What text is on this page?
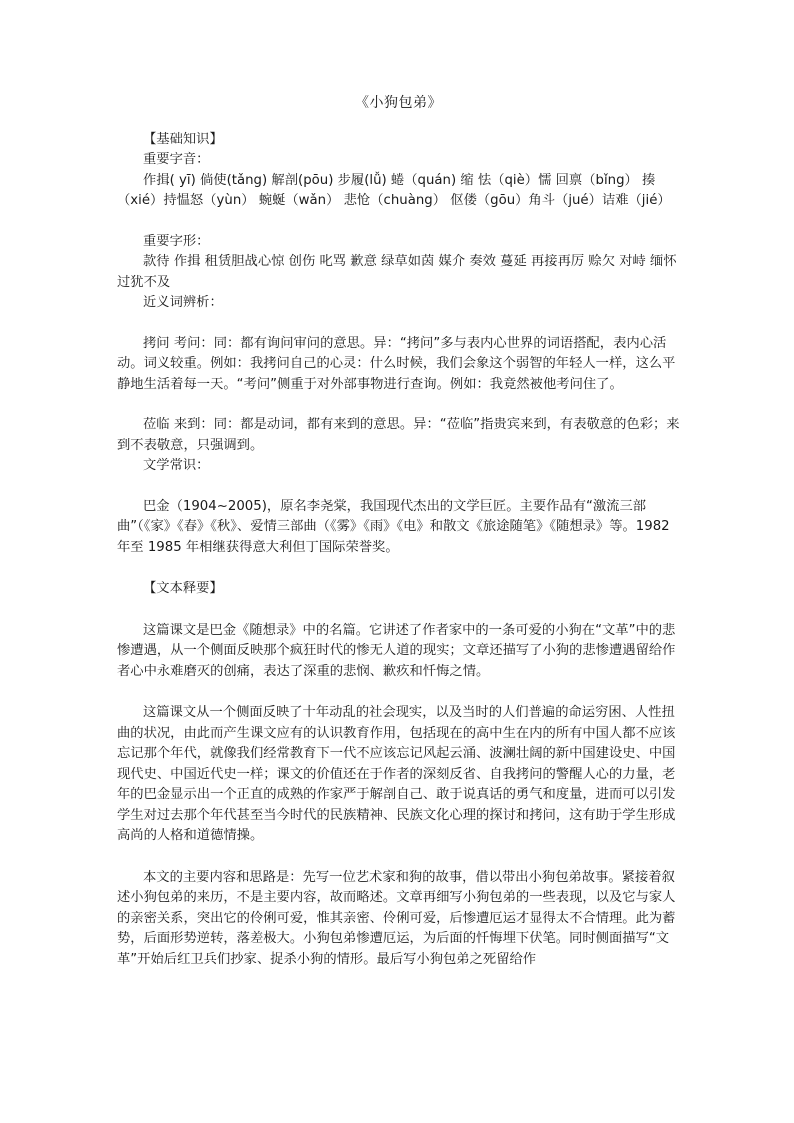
《小狗包弟》

【基础知识】

重要字音：

作揖( yī) 倘使(tǎng) 解剖(pōu) 步履(lǚ) 蜷（quán) 缩 怯（qiè）懦 回禀（bǐng） 揍（xié）持愠怒（yùn） 蜿蜒（wǎn） 悲怆（chuàng） 伛偻（gōu）角斗（jué）诘难（jié）

重要字形：

款待 作揖 租赁胆战心惊 创伤 叱骂 歉意 绿草如茵 媒介 奏效 蔓延 再接再厉 赊欠 对峙 缅怀 过犹不及

近义词辨析：

拷问 考问：同：都有询问审问的意思。异：“拷问”多与表内心世界的词语搭配，表内心活动。词义较重。例如：我拷问自己的心灵：什么时候，我们会象这个弱智的年轻人一样，这么平静地生活着每一天。“考问”侧重于对外部事物进行查询。例如：我竟然被他考问住了。

莅临 来到：同：都是动词，都有来到的意思。异：“莅临”指贵宾来到，有表敬意的色彩；来到不表敬意，只强调到。

文学常识：

巴金（1904~2005)，原名李尧棠，我国现代杰出的文学巨匠。主要作品有“激流三部曲”（《家》《春》《秋》、爱情三部曲（《雾》《雨》《电》和散文《旅途随笔》《随想录》等。1982 年至 1985 年相继获得意大利但丁国际荣誉奖。

【文本释要】

这篇课文是巴金《随想录》中的名篇。它讲述了作者家中的一条可爱的小狗在“文革”中的悲惨遭遇，从一个侧面反映那个疯狂时代的惨无人道的现实；文章还描写了小狗的悲惨遭遇留给作者心中永难磨灭的创痛，表达了深重的悲悯、歉疚和忏悔之情。

这篇课文从一个侧面反映了十年动乱的社会现实，以及当时的人们普遍的命运穷困、人性扭曲的状况，由此而产生课文应有的认识教育作用，包括现在的高中生在内的所有中国人都不应该忘记那个年代，就像我们经常教育下一代不应该忘记风起云涌、波澜壮阔的新中国建设史、中国现代史、中国近代史一样；课文的价值还在于作者的深刻反省、自我拷问的警醒人心的力量，老年的巴金显示出一个正直的成熟的作家严于解剖自己、敢于说真话的勇气和度量，进而可以引发学生对过去那个年代甚至当今时代的民族精神、民族文化心理的探讨和拷问，这有助于学生形成高尚的人格和道德情操。

本文的主要内容和思路是：先写一位艺术家和狗的故事，借以带出小狗包弟故事。紧接着叙述小狗包弟的来历，不是主要内容，故而略述。文章再细写小狗包弟的一些表现，以及它与家人的亲密关系，突出它的伶俐可爱，惟其亲密、伶俐可爱，后惨遭厄运才显得太不合情理。此为蓄势，后面形势逆转，落差极大。小狗包弟惨遭厄运，为后面的忏悔埋下伏笔。同时侧面描写“文革”开始后红卫兵们抄家、捉杀小狗的情形。最后写小狗包弟之死留给作
